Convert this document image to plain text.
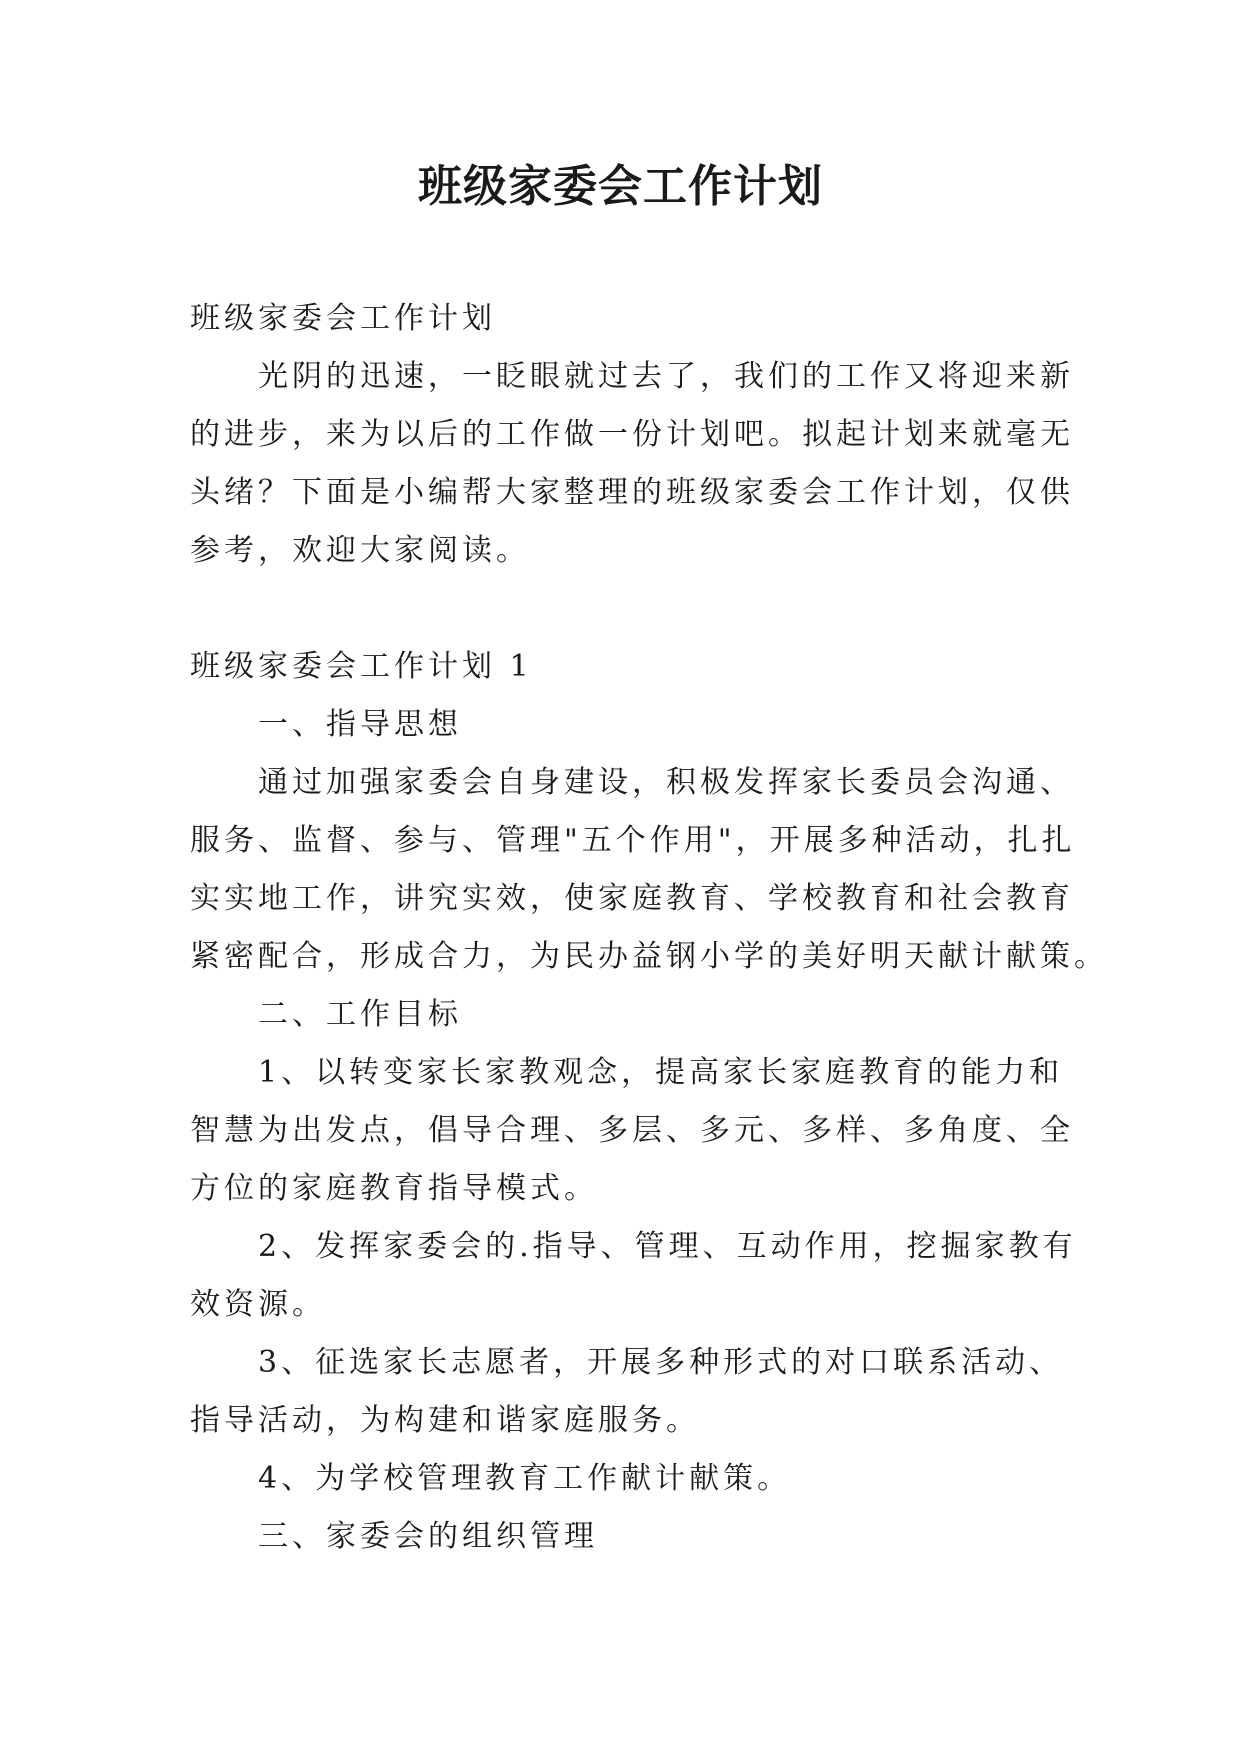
班级家委会工作计划

班级家委会工作计划

光阴的迅速，一眨眼就过去了，我们的工作又将迎来新

的进步，来为以后的工作做一份计划吧。拟起计划来就毫无

头绪？下面是小编帮大家整理的班级家委会工作计划，仅供

参考，欢迎大家阅读。

班级家委会工作计划 1

一、指导思想

通过加强家委会自身建设，积极发挥家长委员会沟通、

服务、监督、参与、管理"五个作用"，开展多种活动，扎扎

实实地工作，讲究实效，使家庭教育、学校教育和社会教育

紧密配合，形成合力，为民办益钢小学的美好明天献计献策。

二、工作目标

1、以转变家长家教观念，提高家长家庭教育的能力和

智慧为出发点，倡导合理、多层、多元、多样、多角度、全

方位的家庭教育指导模式。

2、发挥家委会的.指导、管理、互动作用，挖掘家教有

效资源。

3、征选家长志愿者，开展多种形式的对口联系活动、

指导活动，为构建和谐家庭服务。

4、为学校管理教育工作献计献策。

三、家委会的组织管理
